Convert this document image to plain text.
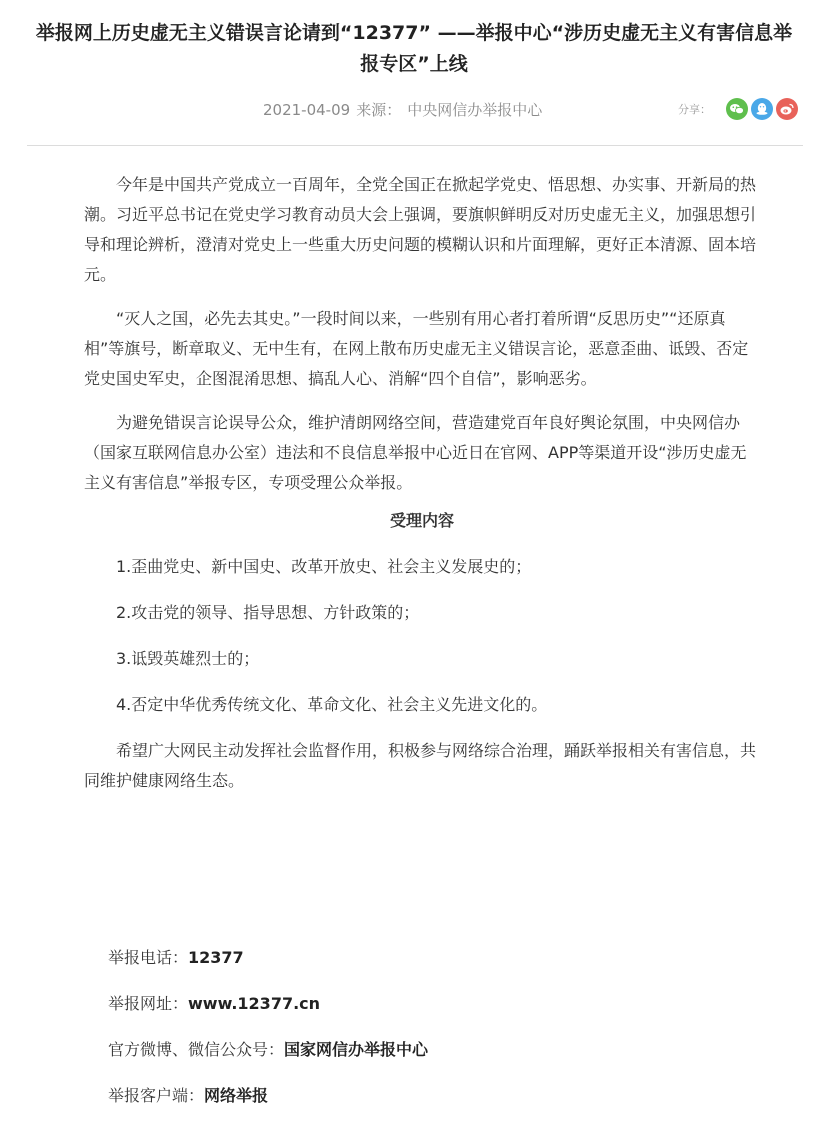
举报网上历史虚无主义错误言论请到“12377” ——举报中心“涉历史虚无主义有害信息举报专区”上线
2021-04-09 来源： 中央网信办举报中心	分享：

今年是中国共产党成立一百周年，全党全国正在掀起学党史、悟思想、办实事、开新局的热潮。习近平总书记在党史学习教育动员大会上强调，要旗帜鲜明反对历史虚无主义，加强思想引导和理论辨析，澄清对党史上一些重大历史问题的模糊认识和片面理解，更好正本清源、固本培元。

“灭人之国，必先去其史。”一段时间以来，一些别有用心者打着所谓“反思历史”“还原真相”等旗号，断章取义、无中生有，在网上散布历史虚无主义错误言论，恶意歪曲、诋毁、否定党史国史军史，企图混淆思想、搞乱人心、消解“四个自信”，影响恶劣。

为避免错误言论误导公众，维护清朗网络空间，营造建党百年良好舆论氛围，中央网信办（国家互联网信息办公室）违法和不良信息举报中心近日在官网、APP等渠道开设“涉历史虚无主义有害信息”举报专区，专项受理公众举报。

受理内容

1.歪曲党史、新中国史、改革开放史、社会主义发展史的；

2.攻击党的领导、指导思想、方针政策的；

3.诋毁英雄烈士的；

4.否定中华优秀传统文化、革命文化、社会主义先进文化的。

希望广大网民主动发挥社会监督作用，积极参与网络综合治理，踊跃举报相关有害信息，共同维护健康网络生态。

举报电话：12377
举报网址：www.12377.cn
官方微博、微信公众号：国家网信办举报中心
举报客户端：网络举报
